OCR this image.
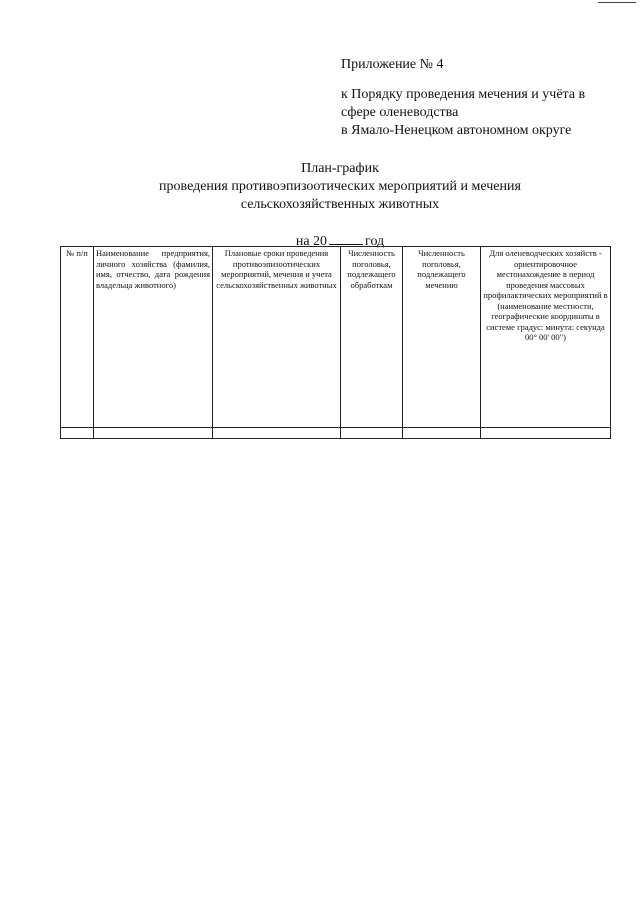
Приложение № 4
к Порядку проведения мечения и учёта в
сфере оленеводства
в Ямало-Ненецком автономном округе
План-график
проведения противоэпизоотических мероприятий и мечения
сельскохозяйственных животных
на 20	год
№ п/п	Наименование предприятия, личного хозяйства (фамилия, имя, отчество, дата рождения владельца животного)	Плановые сроки проведения противоэпизоотических мероприятий, мечения и учета сельскохозяйственных животных	Численность поголовья, подлежащего обработкам	Численность поголовья, подлежащего мечению	Для оленеводческих хозяйств - ориентировочное местонахождение в период проведения массовых профилактических мероприятий в (наименование местности, географические координаты в системе градус: минута: секунда 00° 00' 00")
